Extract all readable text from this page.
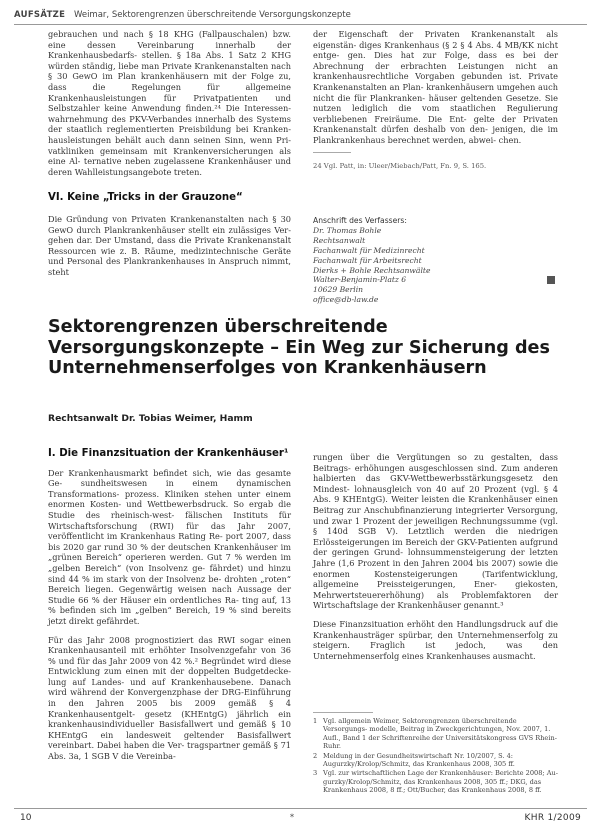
AUFSÄTZE Weimar, Sektorengrenzen überschreitende Versorgungskonzepte

gebrauchen und nach § 18 KHG (Fallpauschalen) bzw. eine dessen Vereinbarung innerhalb der Krankenhausbedarfs- stellen. § 18a Abs. 1 Satz 2 KHG würden ständig, liebe man Private Krankenanstalten nach § 30 GewO im Plan krankenhäusern mit der Folge zu, dass die Regelungen für allgemeine Krankenhausleistungen für Privatpatienten und Selbstzahler keine Anwendung finden.²⁴ Die Interessen- wahrnehmung des PKV-Verbandes innerhalb des Systems der staatlich reglementierten Preisbildung bei Kranken- hausleistungen behält auch dann seinen Sinn, wenn Pri- vatkliniken gemeinsam mit Krankenversicherungen als eine Al- ternative neben zugelassene Krankenhäuser und deren Wahlleistungsangebote treten.

VI. Keine „Tricks in der Grauzone“

Die Gründung von Privaten Krankenanstalten nach § 30 GewO durch Plankrankenhäuser stellt ein zulässiges Ver- gehen dar. Der Umstand, dass die Private Krankenanstalt Ressourcen wie z. B. Räume, medizintechnische Geräte und Personal des Plankrankenhauses in Anspruch nimmt, steht

der Eigenschaft der Privaten Krankenanstalt als eigenstän- diges Krankenhaus (§ 2 § 4 Abs. 4 MB/KK nicht entge- gen. Dies hat zur Folge, dass es bei der Abrechnung der erbrachten Leistungen nicht an krankenhausrechtliche Vorgaben gebunden ist. Private Krankenanstalten an Plan- krankenhäusern umgehen auch nicht die für Plankranken- häuser geltenden Gesetze. Sie nutzen lediglich die vom staatlichen Regulierung verbliebenen Freiräume. Die Ent- gelte der Privaten Krankenanstalt dürfen deshalb von den- jenigen, die im Plankrankenhaus berechnet werden, abwei- chen.

24 Vgl. Patt, in: Uleer/Miebach/Patt, Fn. 9, S. 165.
Anschrift des Verfassers:
Dr. Thomas Bohle
Rechtsanwalt
Fachanwalt für Medizinrecht
Fachanwalt für Arbeitsrecht
Dierks + Bohle Rechtsanwälte
Walter-Benjamin-Platz 6
10629 Berlin
office@db-law.de
Sektorengrenzen überschreitende Versorgungskonzepte – Ein Weg zur Sicherung des Unternehmenserfolges von Krankenhäusern
Rechtsanwalt Dr. Tobias Weimer, Hamm
I. Die Finanzsituation der Krankenhäuser¹

Der Krankenhausmarkt befindet sich, wie das gesamte Ge- sundheitswesen in einem dynamischen Transformations- prozess. Kliniken stehen unter einem enormen Kosten- und Wettbewerbsdruck. So ergab die Studie des rheinisch-west- fälischen Instituts für Wirtschaftsforschung (RWI) für das Jahr 2007, veröffentlicht im Krankenhaus Rating Re- port 2007, dass bis 2020 gar rund 30 % der deutschen Krankenhäuser im „grünen Bereich“ operieren werden. Gut 7 % werden im „gelben Bereich“ (von Insolvenz ge- fährdet) und hinzu sind 44 % im stark von der Insolvenz be- drohten „roten“ Bereich liegen. Gegenwärtig weisen nach Aussage der Studie 66 % der Häuser ein ordentliches Ra- ting auf, 13 % befinden sich im „gelben“ Bereich, 19 % sind bereits jetzt direkt gefährdet.

Für das Jahr 2008 prognostiziert das RWI sogar einen Krankenhausanteil mit erhöhter Insolvenzgefahr von 36 % und für das Jahr 2009 von 42 %.² Begründet wird diese Entwicklung zum einen mit der doppelten Budgetdecke- lung auf Landes- und auf Krankenhausebene. Danach wird während der Konvergenzphase der DRG-Einführung in den Jahren 2005 bis 2009 gemäß § 4 Krankenhausentgelt- gesetz (KHEntgG) jährlich ein krankenhausindividueller Basisfallwert und gemäß § 10 KHEntgG ein landesweit geltender Basisfallwert vereinbart. Dabei haben die Ver- tragspartner gemäß § 71 Abs. 3a, 1 SGB V die Vereinba-

rungen über die Vergütungen so zu gestalten, dass Beitrags- erhöhungen ausgeschlossen sind. Zum anderen halbierten das GKV-Wettbewerbsstärkungsgesetz den Mindest- lohnausgleich von 40 auf 20 Prozent (vgl. § 4 Abs. 9 KHEntgG). Weiter leisten die Krankenhäuser einen Beitrag zur Anschubfinanzierung integrierter Versorgung, und zwar 1 Prozent der jeweiligen Rechnungssumme (vgl. § 140d SGB V). Letztlich werden die niedrigen Erlössteigerungen im Bereich der GKV-Patienten aufgrund der geringen Grund- lohnsummensteigerung der letzten Jahre (1,6 Prozent in den Jahren 2004 bis 2007) sowie die enormen Kostensteigerungen (Tarifentwicklung, allgemeine Preissteigerungen, Ener- giekosten, Mehrwertsteuererhöhung) als Problemfaktoren der Wirtschaftslage der Krankenhäuser genannt.³

Diese Finanzsituation erhöht den Handlungsdruck auf die Krankenhausträger spürbar, den Unternehmenserfolg zu steigern. Fraglich ist jedoch, was den Unternehmenserfolg eines Krankenhauses ausmacht.

1 Vgl. allgemein Weimer, Sektorengrenzen überschreitende Versorgungs- modelle, Beitrag in Zweckgerichtungen, Nov. 2007, 1. Aufl., Band 1 der Schriftenreihe der Universitätskongress GVS Rhein-Ruhr.
2 Meldung in der Gesundheitswirtschaft Nr. 10/2007, S. 4: Augurzky/Krolop/Schmitz, das Krankenhaus 2008, 305 ff.
3 Vgl. zur wirtschaftlichen Lage der Krankenhäuser: Berichte 2008; Au- gurzky/Krolop/Schmitz, das Krankenhaus 2008, 305 ff.; DKG, das Krankenhaus 2008, 8 ff.; Ott/Bucher, das Krankenhaus 2008, 8 ff.
10	*	KHR 1/2009
